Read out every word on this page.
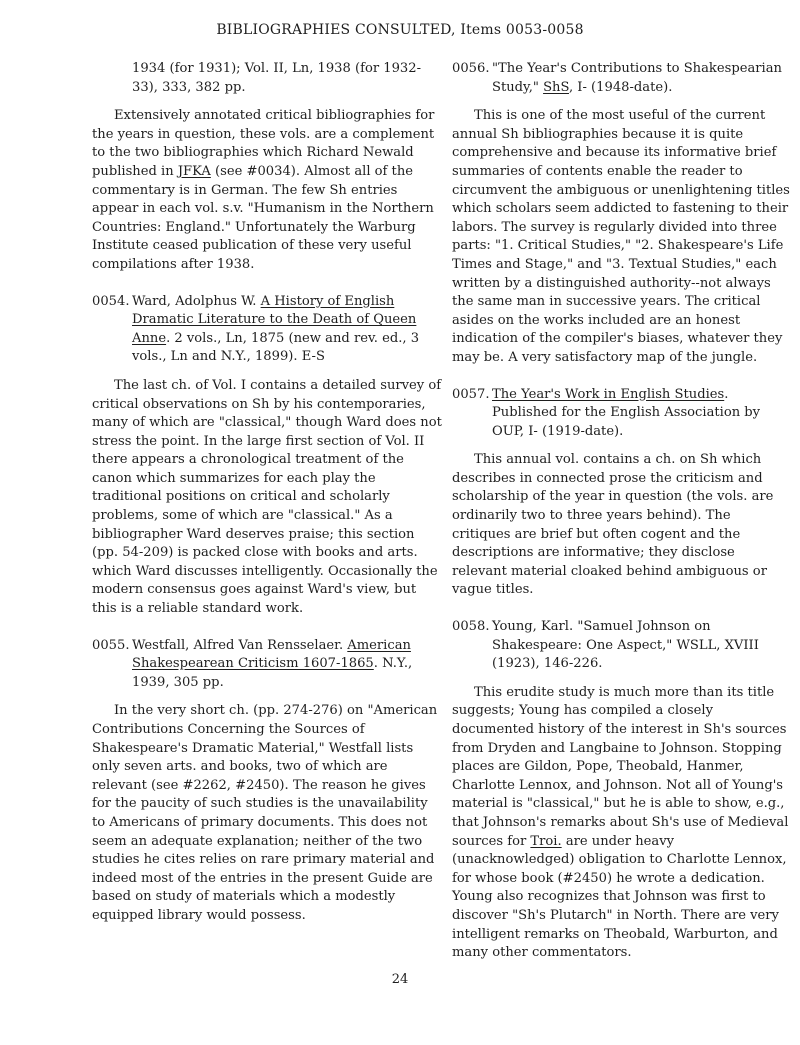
BIBLIOGRAPHIES CONSULTED, Items 0053-0058
1934 (for 1931); Vol. II, Ln, 1938 (for 1932-33), 333, 382 pp.

Extensively annotated critical bibliographies for the years in question, these vols. are a complement to the two bibliographies which Richard Newald published in JFKA (see #0034). Almost all of the commentary is in German. The few Sh entries appear in each vol. s.v. "Humanism in the Northern Countries: England." Unfortunately the Warburg Institute ceased publication of these very useful compilations after 1938.

0054. Ward, Adolphus W. A History of English Dramatic Literature to the Death of Queen Anne. 2 vols., Ln, 1875 (new and rev. ed., 3 vols., Ln and N.Y., 1899). E-S

The last ch. of Vol. I contains a detailed survey of critical observations on Sh by his contemporaries, many of which are "classical," though Ward does not stress the point. In the large first section of Vol. II there appears a chronological treatment of the canon which summarizes for each play the traditional positions on critical and scholarly problems, some of which are "classical." As a bibliographer Ward deserves praise; this section (pp. 54-209) is packed close with books and arts. which Ward discusses intelligently. Occasionally the modern consensus goes against Ward's view, but this is a reliable standard work.

0055. Westfall, Alfred Van Rensselaer. American Shakespearean Criticism 1607-1865. N.Y., 1939, 305 pp.

In the very short ch. (pp. 274-276) on "American Contributions Concerning the Sources of Shakespeare's Dramatic Material," Westfall lists only seven arts. and books, two of which are relevant (see #2262, #2450). The reason he gives for the paucity of such studies is the unavailability to Americans of primary documents. This does not seem an adequate explanation; neither of the two studies he cites relies on rare primary material and indeed most of the entries in the present Guide are based on study of materials which a modestly equipped library would possess.

0056. "The Year's Contributions to Shakespearian Study," ShS, I- (1948-date).

This is one of the most useful of the current annual Sh bibliographies because it is quite comprehensive and because its informative brief summaries of contents enable the reader to circumvent the ambiguous or unenlightening titles which scholars seem addicted to fastening to their labors. The survey is regularly divided into three parts: "1. Critical Studies," "2. Shakespeare's Life Times and Stage," and "3. Textual Studies," each written by a distinguished authority--not always the same man in successive years. The critical asides on the works included are an honest indication of the compiler's biases, whatever they may be. A very satisfactory map of the jungle.

0057. The Year's Work in English Studies. Published for the English Association by OUP, I- (1919-date).

This annual vol. contains a ch. on Sh which describes in connected prose the criticism and scholarship of the year in question (the vols. are ordinarily two to three years behind). The critiques are brief but often cogent and the descriptions are informative; they disclose relevant material cloaked behind ambiguous or vague titles.

0058. Young, Karl. "Samuel Johnson on Shakespeare: One Aspect," WSLL, XVIII (1923), 146-226.

This erudite study is much more than its title suggests; Young has compiled a closely documented history of the interest in Sh's sources from Dryden and Langbaine to Johnson. Stopping places are Gildon, Pope, Theobald, Hanmer, Charlotte Lennox, and Johnson. Not all of Young's material is "classical," but he is able to show, e.g., that Johnson's remarks about Sh's use of Medieval sources for Troi. are under heavy (unacknowledged) obligation to Charlotte Lennox, for whose book (#2450) he wrote a dedication. Young also recognizes that Johnson was first to discover "Sh's Plutarch" in North. There are very intelligent remarks on Theobald, Warburton, and many other commentators.

24
